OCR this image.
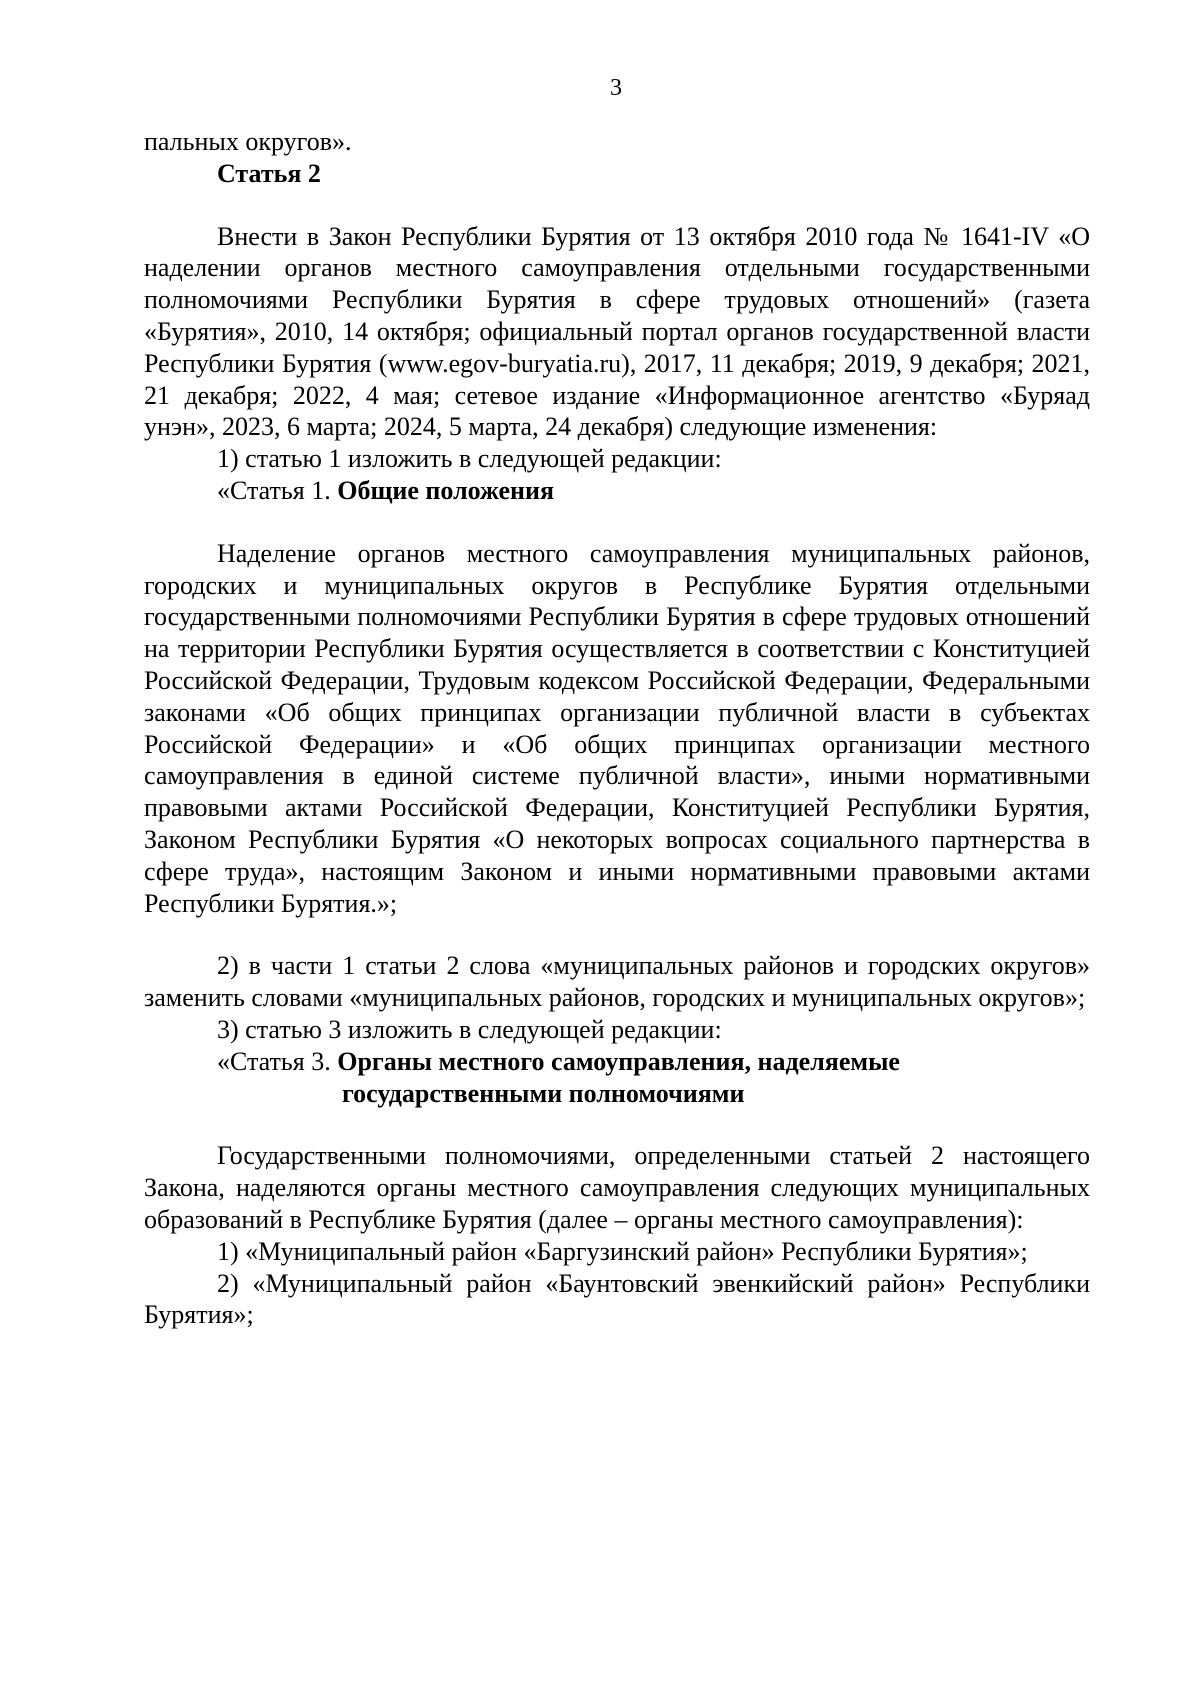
3

пальных округов».

Статья 2

Внести в Закон Республики Бурятия от 13 октября 2010 года № 1641-IV «О наделении органов местного самоуправления отдельными государственными полномочиями Республики Бурятия в сфере трудовых отношений» (газета «Бурятия», 2010, 14 октября; официальный портал органов государственной власти Республики Бурятия (www.egov-buryatia.ru), 2017, 11 декабря; 2019, 9 декабря; 2021, 21 декабря; 2022, 4 мая; сетевое издание «Информационное агентство «Буряад унэн», 2023, 6 марта; 2024, 5 марта, 24 декабря) следующие изменения:

1) статью 1 изложить в следующей редакции:

«Статья 1. Общие положения

Наделение органов местного самоуправления муниципальных районов, городских и муниципальных округов в Республике Бурятия отдельными государственными полномочиями Республики Бурятия в сфере трудовых отношений на территории Республики Бурятия осуществляется в соответствии с Конституцией Российской Федерации, Трудовым кодексом Российской Федерации, Федеральными законами «Об общих принципах организации публичной власти в субъектах Российской Федерации» и «Об общих принципах организации местного самоуправления в единой системе публичной власти», иными нормативными правовыми актами Российской Федерации, Конституцией Республики Бурятия, Законом Республики Бурятия «О некоторых вопросах социального партнерства в сфере труда», настоящим Законом и иными нормативными правовыми актами Республики Бурятия.»;

2) в части 1 статьи 2 слова «муниципальных районов и городских округов» заменить словами «муниципальных районов, городских и муниципальных округов»;

3) статью 3 изложить в следующей редакции:

«Статья 3. Органы местного самоуправления, наделяемые
государственными полномочиями

Государственными полномочиями, определенными статьей 2 настоящего Закона, наделяются органы местного самоуправления следующих муниципальных образований в Республике Бурятия (далее – органы местного самоуправления):

1) «Муниципальный район «Баргузинский район» Республики Бурятия»;

2) «Муниципальный район «Баунтовский эвенкийский район» Республики Бурятия»;
